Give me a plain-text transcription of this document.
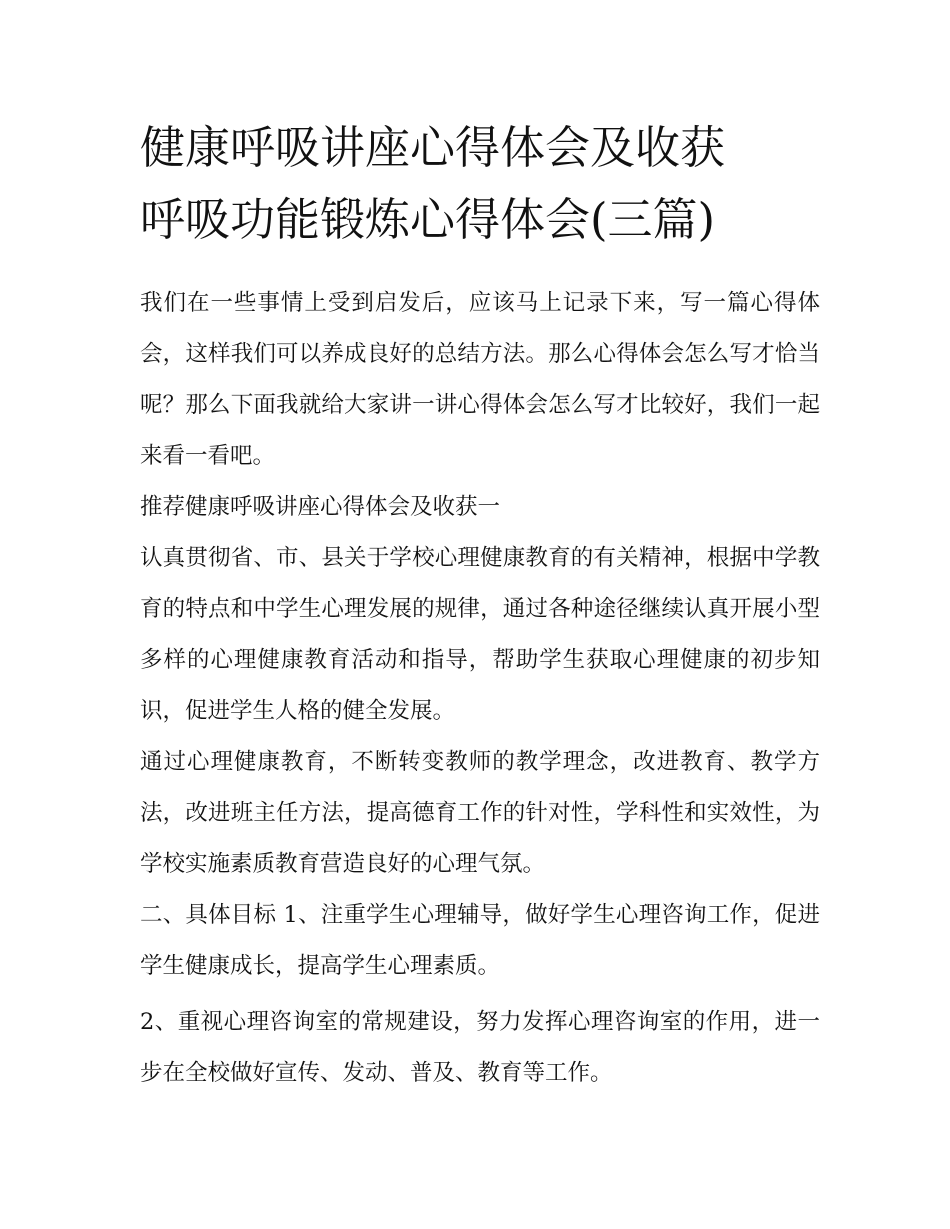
健康呼吸讲座心得体会及收获
呼吸功能锻炼心得体会(三篇)

我们在一些事情上受到启发后，应该马上记录下来，写一篇心得体会，这样我们可以养成良好的总结方法。那么心得体会怎么写才恰当呢？那么下面我就给大家讲一讲心得体会怎么写才比较好，我们一起来看一看吧。

推荐健康呼吸讲座心得体会及收获一

认真贯彻省、市、县关于学校心理健康教育的有关精神，根据中学教育的特点和中学生心理发展的规律，通过各种途径继续认真开展小型多样的心理健康教育活动和指导，帮助学生获取心理健康的初步知识，促进学生人格的健全发展。

通过心理健康教育，不断转变教师的教学理念，改进教育、教学方法，改进班主任方法，提高德育工作的针对性，学科性和实效性，为学校实施素质教育营造良好的心理气氛。

二、具体目标 1、注重学生心理辅导，做好学生心理咨询工作，促进学生健康成长，提高学生心理素质。

2、重视心理咨询室的常规建设，努力发挥心理咨询室的作用，进一步在全校做好宣传、发动、普及、教育等工作。
